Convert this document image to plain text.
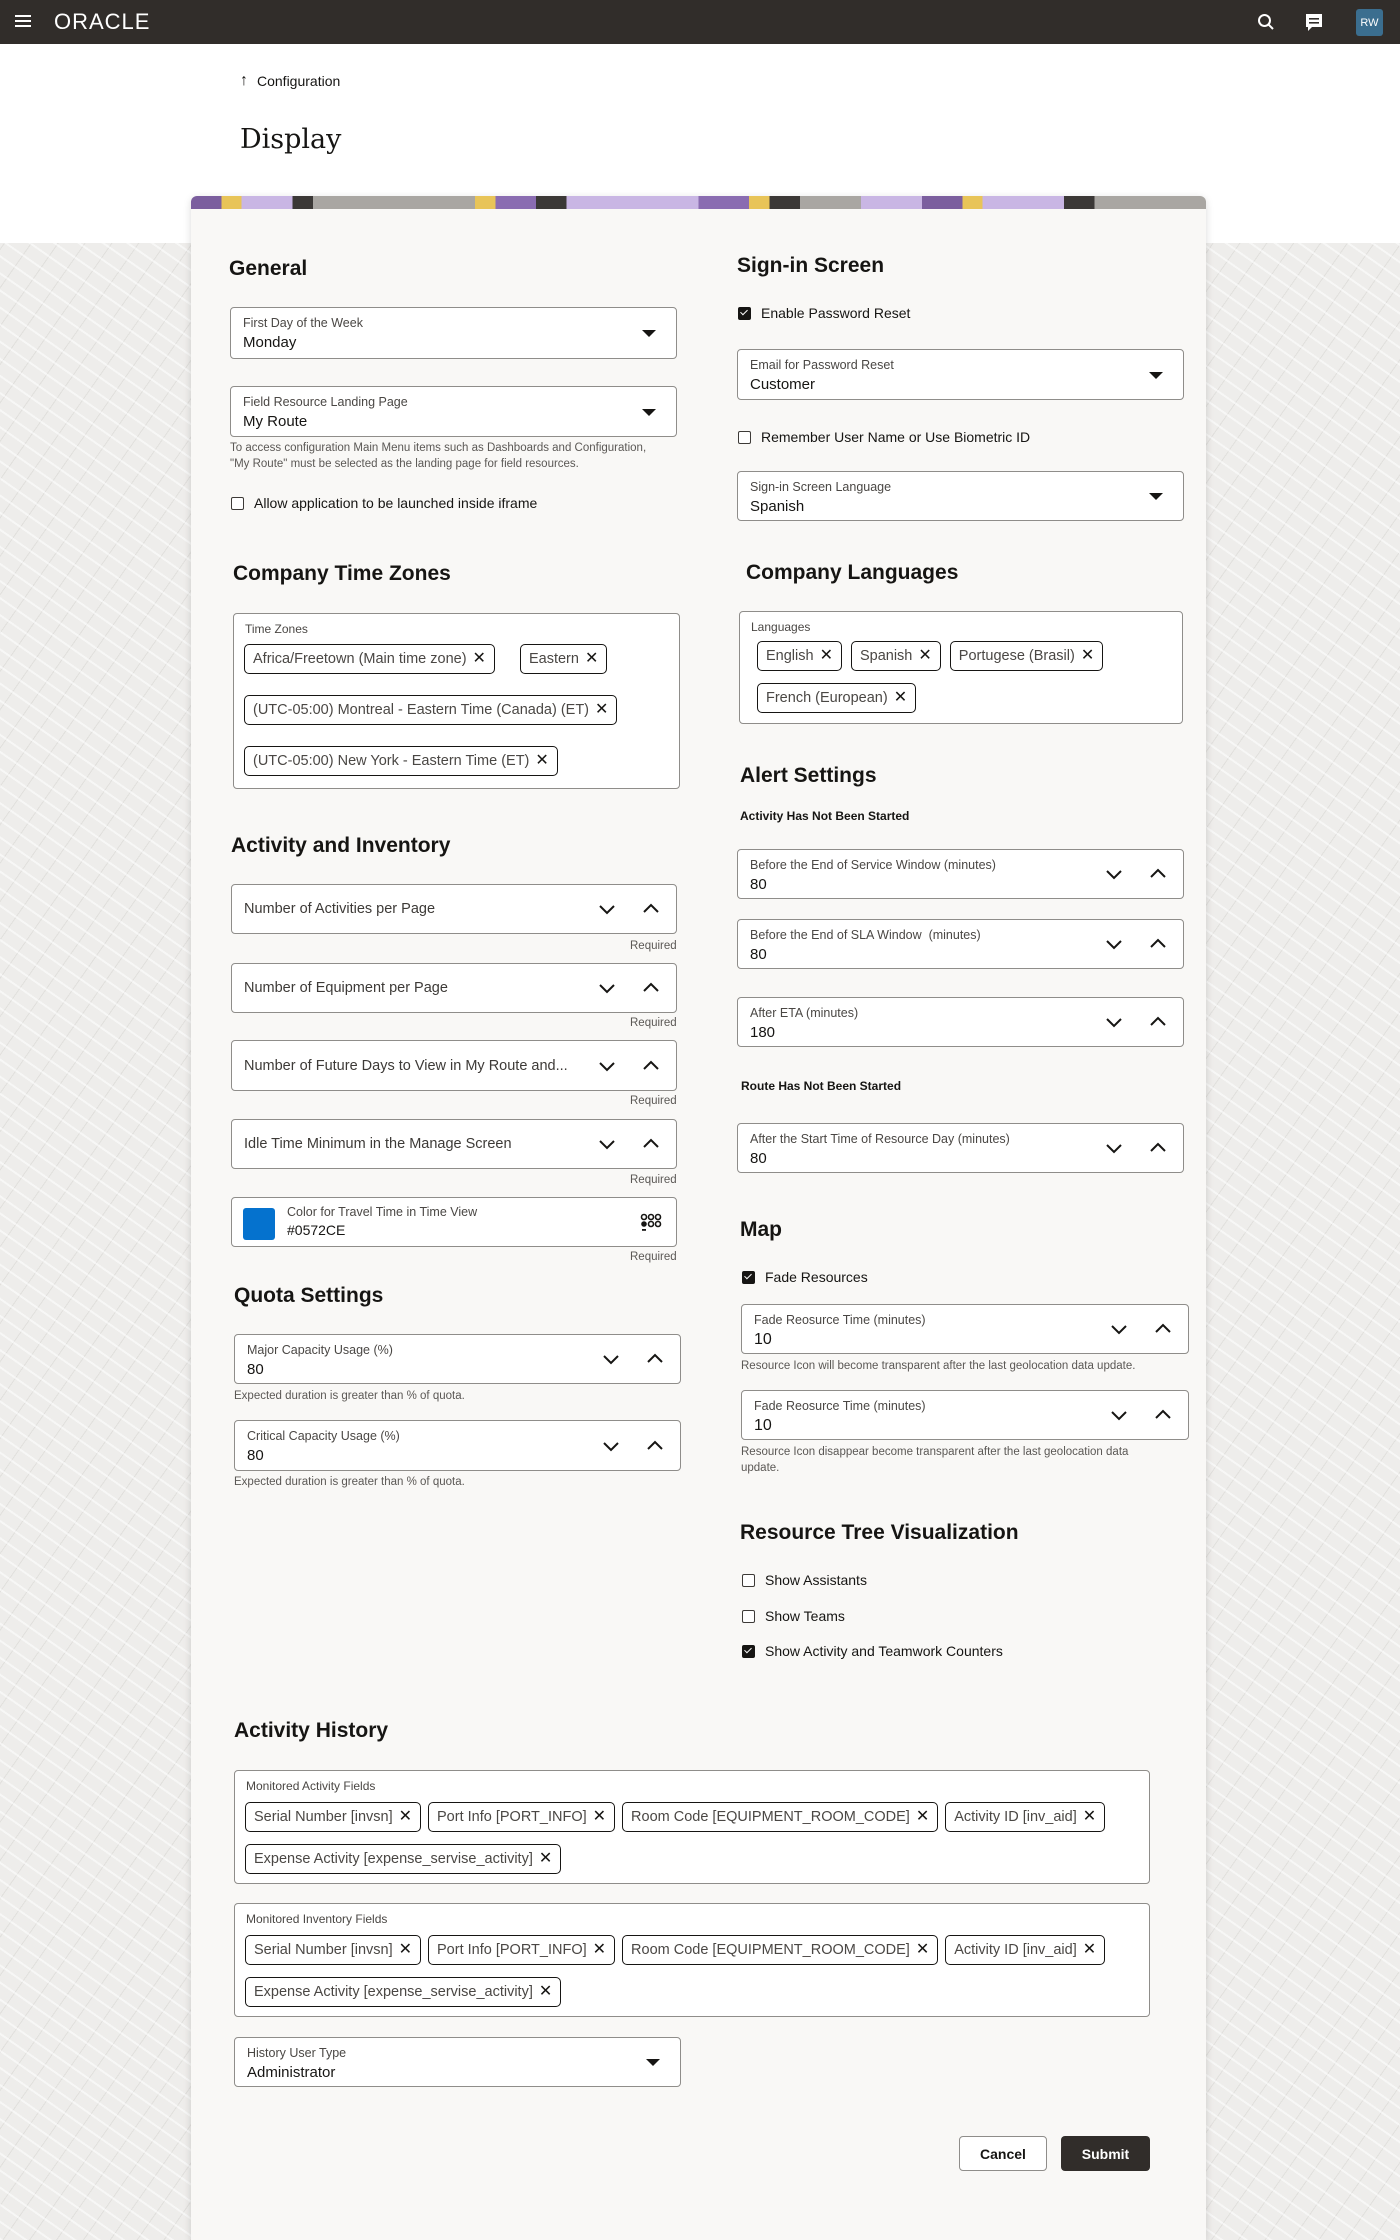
ORACLE	RW
↑ Configuration
Display
General
First Day of the Week
Monday
Field Resource Landing Page
My Route
To access configuration Main Menu items such as Dashboards and Configuration,
"My Route" must be selected as the landing page for field resources.
Allow application to be launched inside iframe
Company Time Zones
Time Zones
Africa/Freetown (Main time zone) ✕	Eastern ✕
(UTC-05:00) Montreal - Eastern Time (Canada) (ET) ✕
(UTC-05:00) New York - Eastern Time (ET) ✕
Activity and Inventory
Number of Activities per Page
Required
Number of Equipment per Page
Required
Number of Future Days to View in My Route and...
Required
Idle Time Minimum in the Manage Screen
Required
Color for Travel Time in Time View
#0572CE
Required
Quota Settings
Major Capacity Usage (%)
80
Expected duration is greater than % of quota.
Critical Capacity Usage (%)
80
Expected duration is greater than % of quota.
Sign-in Screen
Enable Password Reset
Email for Password Reset
Customer
Remember User Name or Use Biometric ID
Sign-in Screen Language
Spanish
Company Languages
Languages
English ✕ Spanish ✕ Portugese (Brasil) ✕
French (European) ✕
Alert Settings
Activity Has Not Been Started
Before the End of Service Window (minutes)
80
Before the End of SLA Window  (minutes)
80
After ETA (minutes)
180
Route Has Not Been Started
After the Start Time of Resource Day (minutes)
80
Map
Fade Resources
Fade Reosurce Time (minutes)
10
Resource Icon will become transparent after the last geolocation data update.
Fade Reosurce Time (minutes)
10
Resource Icon disappear become transparent after the last geolocation data
update.
Resource Tree Visualization
Show Assistants
Show Teams
Show Activity and Teamwork Counters
Activity History
Monitored Activity Fields
Serial Number [invsn] ✕ Port Info [PORT_INFO] ✕ Room Code [EQUIPMENT_ROOM_CODE] ✕ Activity ID [inv_aid] ✕
Expense Activity [expense_servise_activity] ✕
Monitored Inventory Fields
Serial Number [invsn] ✕ Port Info [PORT_INFO] ✕ Room Code [EQUIPMENT_ROOM_CODE] ✕ Activity ID [inv_aid] ✕
Expense Activity [expense_servise_activity] ✕
History User Type
Administrator
Cancel	Submit
